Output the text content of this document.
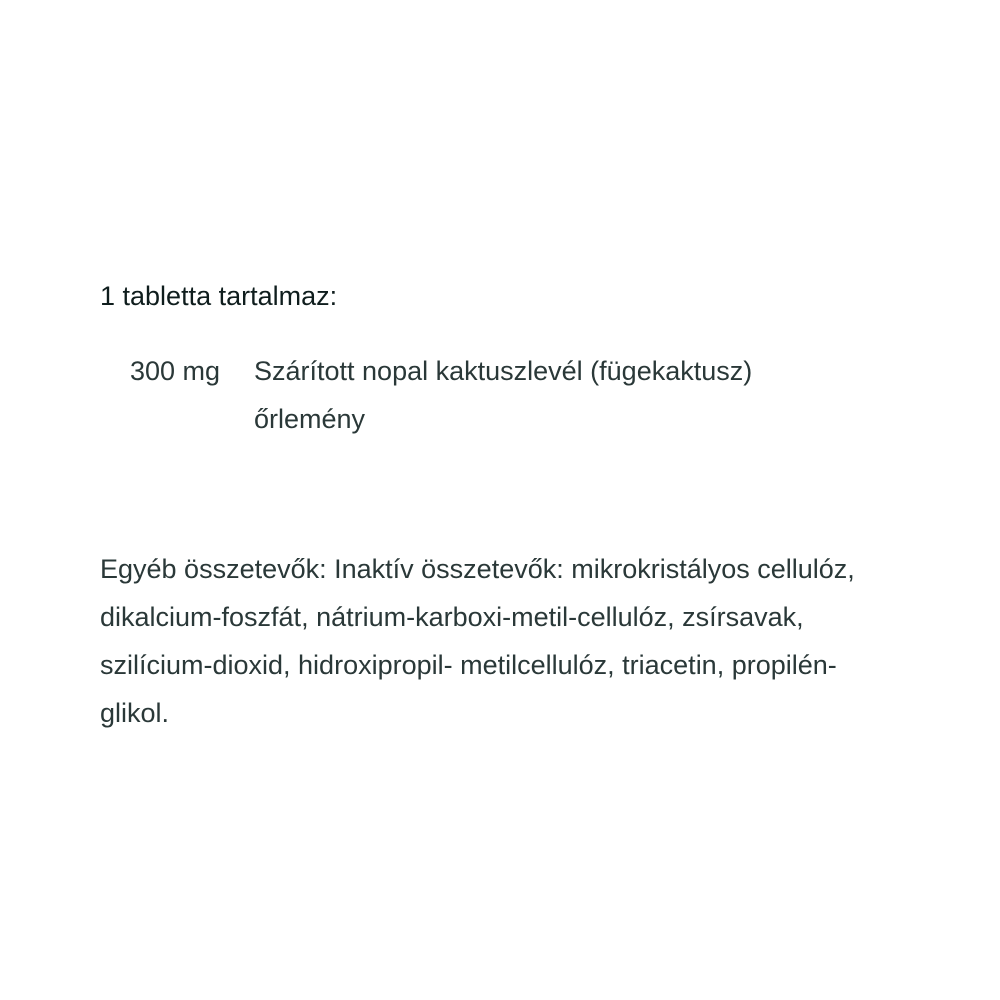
1 tabletta tartalmaz:

300 mg	Szárított nopal kaktuszlevél (fügekaktusz) őrlemény

Egyéb összetevők: Inaktív összetevők: mikrokristályos cellulóz, dikalcium-foszfát, nátrium-karboxi-metil-cellulóz, zsírsavak, szilícium-dioxid, hidroxipropil- metilcellulóz, triacetin, propilén-glikol.
